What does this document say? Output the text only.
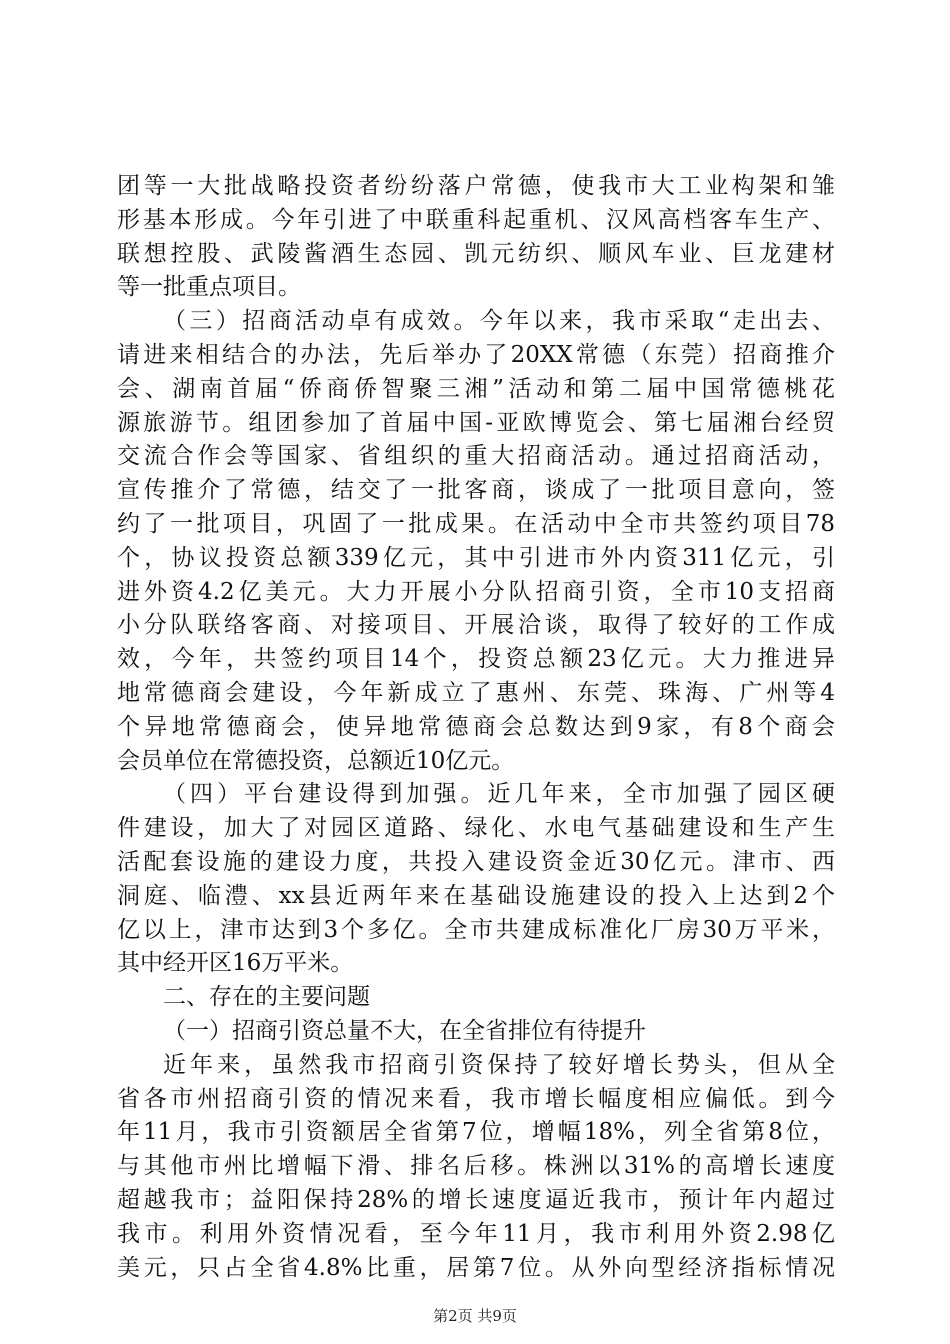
团等一大批战略投资者纷纷落户常德，使我市大工业构架和雏
形基本形成。今年引进了中联重科起重机、汉风高档客车生产、
联想控股、武陵酱酒生态园、凯元纺织、顺风车业、巨龙建材
等一批重点项目。
（三）招商活动卓有成效。今年以来，我市采取“走出去、
请进来相结合的办法，先后举办了20XX常德（东莞）招商推介
会、湖南首届“侨商侨智聚三湘”活动和第二届中国常德桃花
源旅游节。组团参加了首届中国-亚欧博览会、第七届湘台经贸
交流合作会等国家、省组织的重大招商活动。通过招商活动，
宣传推介了常德，结交了一批客商，谈成了一批项目意向，签
约了一批项目，巩固了一批成果。在活动中全市共签约项目78
个，协议投资总额339亿元，其中引进市外内资311亿元，引
进外资4.2亿美元。大力开展小分队招商引资，全市10支招商
小分队联络客商、对接项目、开展洽谈，取得了较好的工作成
效，今年，共签约项目14个，投资总额23亿元。大力推进异
地常德商会建设，今年新成立了惠州、东莞、珠海、广州等4
个异地常德商会，使异地常德商会总数达到9家，有8个商会
会员单位在常德投资，总额近10亿元。
（四）平台建设得到加强。近几年来，全市加强了园区硬
件建设，加大了对园区道路、绿化、水电气基础建设和生产生
活配套设施的建设力度，共投入建设资金近30亿元。津市、西
洞庭、临澧、xx县近两年来在基础设施建设的投入上达到2个
亿以上，津市达到3个多亿。全市共建成标准化厂房30万平米，
其中经开区16万平米。
二、存在的主要问题
（一）招商引资总量不大，在全省排位有待提升
近年来，虽然我市招商引资保持了较好增长势头，但从全
省各市州招商引资的情况来看，我市增长幅度相应偏低。到今
年11月，我市引资额居全省第7位，增幅18%，列全省第8位，
与其他市州比增幅下滑、排名后移。株洲以31%的高增长速度
超越我市；益阳保持28%的增长速度逼近我市，预计年内超过
我市。利用外资情况看，至今年11月，我市利用外资2.98亿
美元，只占全省4.8%比重，居第7位。从外向型经济指标情况
第2页 共9页
